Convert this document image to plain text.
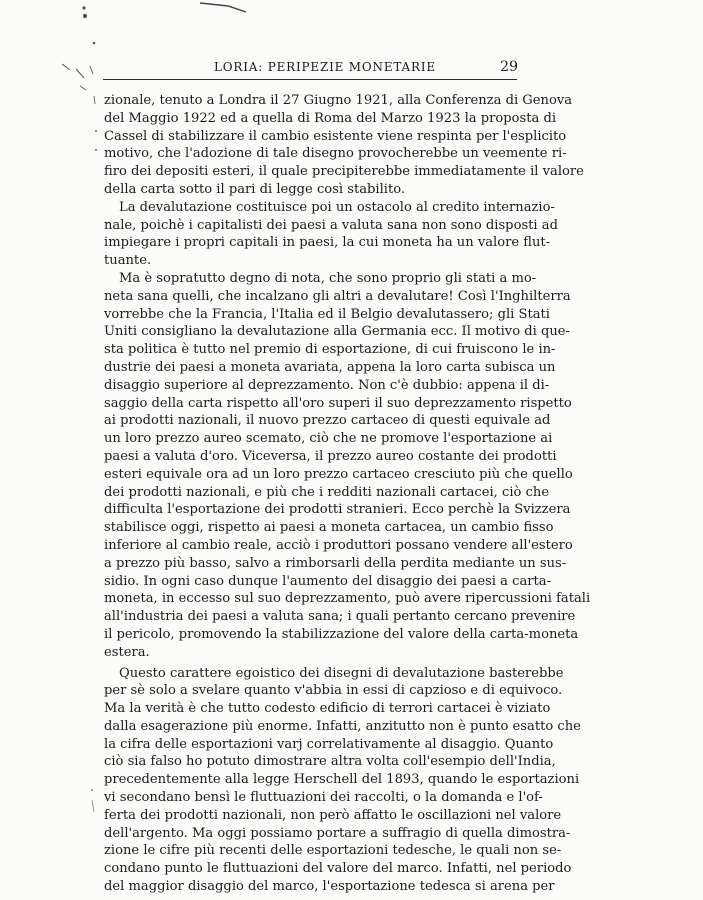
LORIA: PERIPEZIE MONETARIE	29
zionale, tenuto a Londra il 27 Giugno 1921, alla Conferenza di Genova
del Maggio 1922 ed a quella di Roma del Marzo 1923 la proposta di
Cassel di stabilizzare il cambio esistente viene respinta per l'esplicito
motivo, che l'adozione di tale disegno provocherebbe un veemente ri-
firo dei depositi esteri, il quale precipiterebbe immediatamente il valore
della carta sotto il pari di legge così stabilito.
La devalutazione costituisce poi un ostacolo al credito internazio-
nale, poichè i capitalisti dei paesi a valuta sana non sono disposti ad
impiegare i propri capitali in paesi, la cui moneta ha un valore flut-
tuante.
Ma è sopratutto degno di nota, che sono proprio gli stati a mo-
neta sana quelli, che incalzano gli altri a devalutare! Così l'Inghilterra
vorrebbe che la Francia, l'Italia ed il Belgio devalutassero; gli Stati
Uniti consigliano la devalutazione alla Germania ecc. Il motivo di que-
sta politica è tutto nel premio di esportazione, di cui fruiscono le in-
dustrie dei paesi a moneta avariata, appena la loro carta subisca un
disaggio superiore al deprezzamento. Non c'è dubbio: appena il di-
saggio della carta rispetto all'oro superi il suo deprezzamento rispetto
ai prodotti nazionali, il nuovo prezzo cartaceo di questi equivale ad
un loro prezzo aureo scemato, ciò che ne promove l'esportazione ai
paesi a valuta d'oro. Viceversa, il prezzo aureo costante dei prodotti
esteri equivale ora ad un loro prezzo cartaceo cresciuto più che quello
dei prodotti nazionali, e più che i redditi nazionali cartacei, ciò che
difficulta l'esportazione dei prodotti stranieri. Ecco perchè la Svizzera
stabilisce oggi, rispetto ai paesi a moneta cartacea, un cambio fisso
inferiore al cambio reale, acciò i produttori possano vendere all'estero
a prezzo più basso, salvo a rimborsarli della perdita mediante un sus-
sidio. In ogni caso dunque l'aumento del disaggio dei paesi a carta-
moneta, in eccesso sul suo deprezzamento, può avere ripercussioni fatali
all'industria dei paesi a valuta sana; i quali pertanto cercano prevenire
il pericolo, promovendo la stabilizzazione del valore della carta-moneta
estera.
Questo carattere egoistico dei disegni di devalutazione basterebbe
per sè solo a svelare quanto v'abbia in essi di capzioso e di equivoco.
Ma la verità è che tutto codesto edificio di terrori cartacei è viziato
dalla esagerazione più enorme. Infatti, anzitutto non è punto esatto che
la cifra delle esportazioni varj correlativamente al disaggio. Quanto
ciò sia falso ho potuto dimostrare altra volta coll'esempio dell'India,
precedentemente alla legge Herschell del 1893, quando le esportazioni
vi secondano bensì le fluttuazioni dei raccolti, o la domanda e l'of-
ferta dei prodotti nazionali, non però affatto le oscillazioni nel valore
dell'argento. Ma oggi possiamo portare a suffragio di quella dimostra-
zione le cifre più recenti delle esportazioni tedesche, le quali non se-
condano punto le fluttuazioni del valore del marco. Infatti, nel periodo
del maggior disaggio del marco, l'esportazione tedesca si arena per
